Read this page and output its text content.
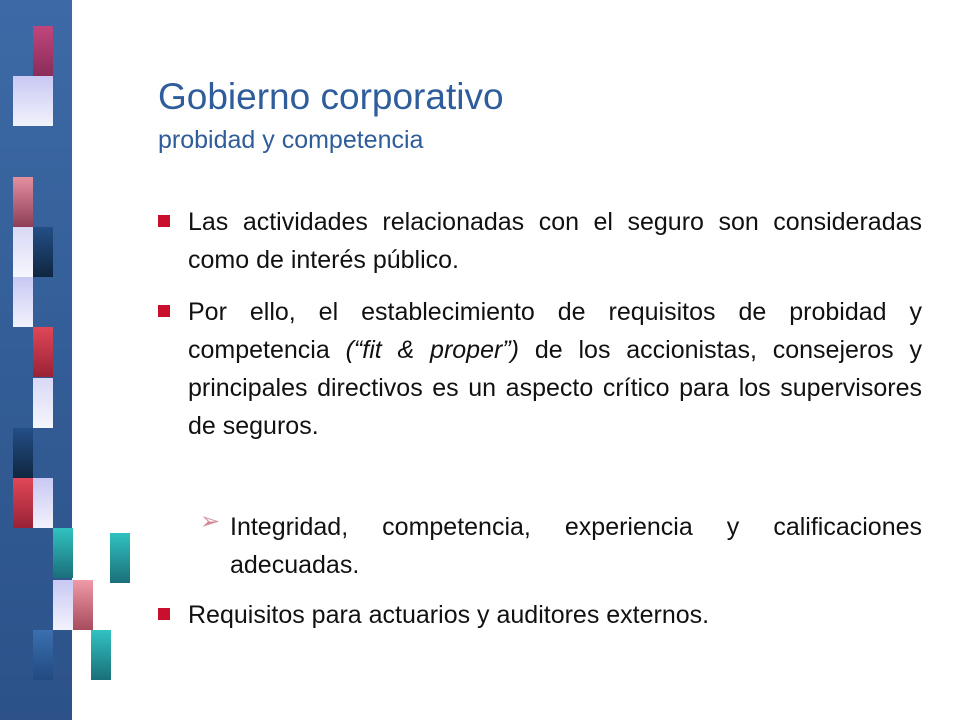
Gobierno corporativo
probidad y competencia

Las actividades relacionadas con el seguro son consideradas como de interés público.

Por ello, el establecimiento de requisitos de probidad y competencia (“fit & proper”) de los accionistas, consejeros y principales directivos es un aspecto crítico para los supervisores de seguros.

➢ Integridad, competencia, experiencia y calificaciones adecuadas.

Requisitos para actuarios y auditores externos.
